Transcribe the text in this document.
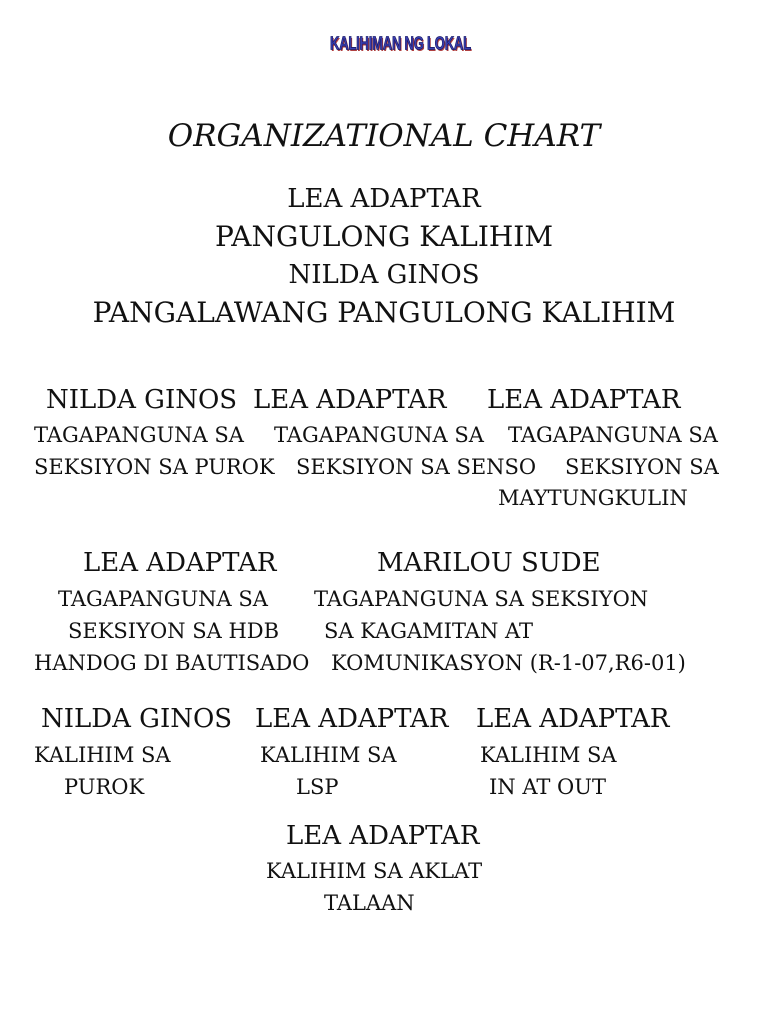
KALIHIMAN NG LOKAL
ORGANIZATIONAL CHART
LEA ADAPTAR
PANGULONG KALIHIM
NILDA GINOS
PANGALAWANG PANGULONG KALIHIM
NILDA GINOS
TAGAPANGUNA SA
SEKSIYON SA PUROK
LEA ADAPTAR
TAGAPANGUNA SA
SEKSIYON SA SENSO
LEA ADAPTAR
TAGAPANGUNA SA
SEKSIYON SA
MAYTUNGKULIN
LEA ADAPTAR
TAGAPANGUNA SA
SEKSIYON SA HDB
HANDOG DI BAUTISADO
MARILOU SUDE
TAGAPANGUNA SA SEKSIYON
SA KAGAMITAN AT
KOMUNIKASYON (R-1-07,R6-01)
NILDA GINOS
KALIHIM SA
PUROK
LEA ADAPTAR
KALIHIM SA
LSP
LEA ADAPTAR
KALIHIM SA
IN AT OUT
LEA ADAPTAR
KALIHIM SA AKLAT
TALAAN
